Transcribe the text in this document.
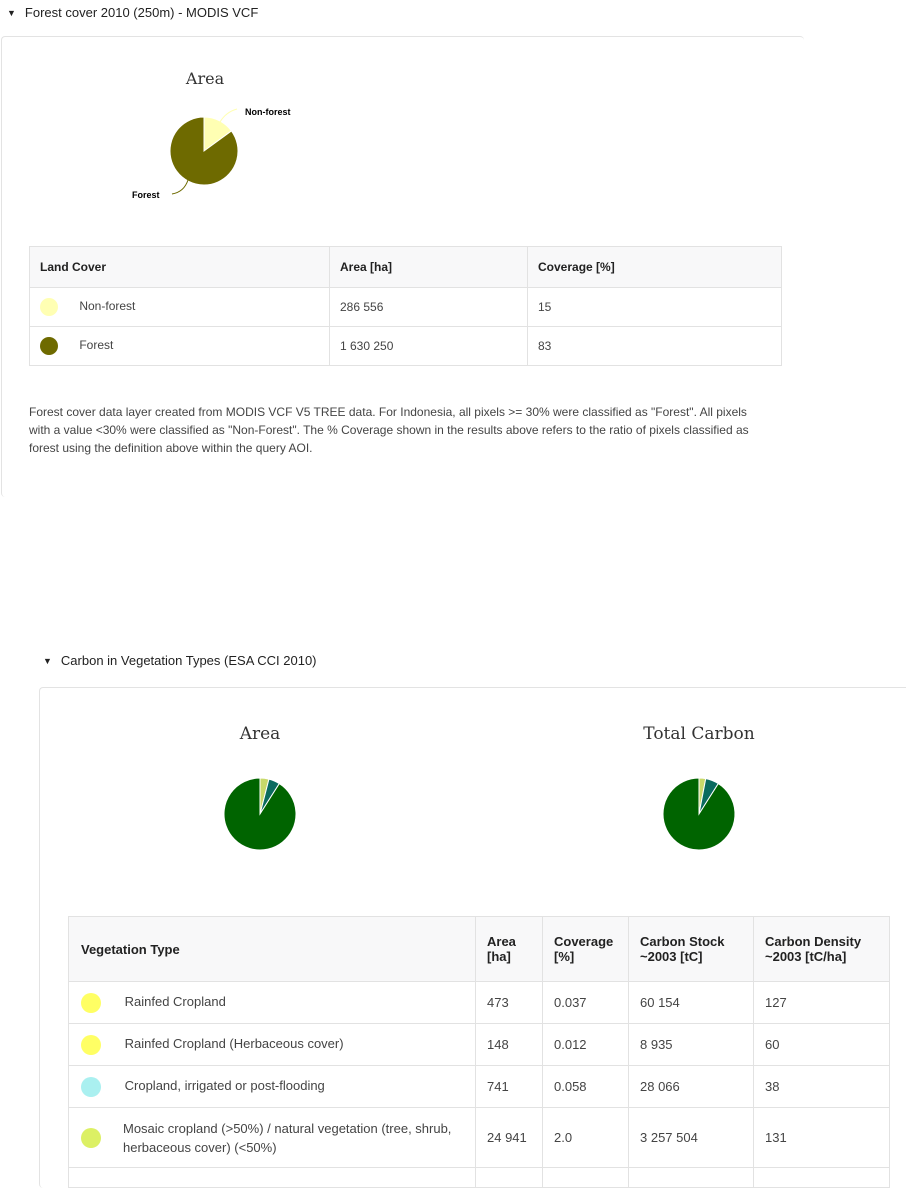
▼ Forest cover 2010 (250m) - MODIS VCF
Area
Non-forest
Forest
Land Cover	Area [ha]	Coverage [%]
Non-forest	286 556	15
Forest	1 630 250	83
Forest cover data layer created from MODIS VCF V5 TREE data. For Indonesia, all pixels >= 30% were classified as "Forest". All pixels with a value <30% were classified as "Non-Forest". The % Coverage shown in the results above refers to the ratio of pixels classified as forest using the definition above within the query AOI.
▼ Carbon in Vegetation Types (ESA CCI 2010)
Area	Total Carbon
Vegetation Type	Area [ha]	Coverage [%]	Carbon Stock ~2003 [tC]	Carbon Density ~2003 [tC/ha]
Rainfed Cropland	473	0.037	60 154	127
Rainfed Cropland (Herbaceous cover)	148	0.012	8 935	60
Cropland, irrigated or post-flooding	741	0.058	28 066	38

Mosaic cropland (>50%) / natural vegetation (tree, shrub, herbaceous cover) (<50%)	24 941	2.0	3 257 504	131
